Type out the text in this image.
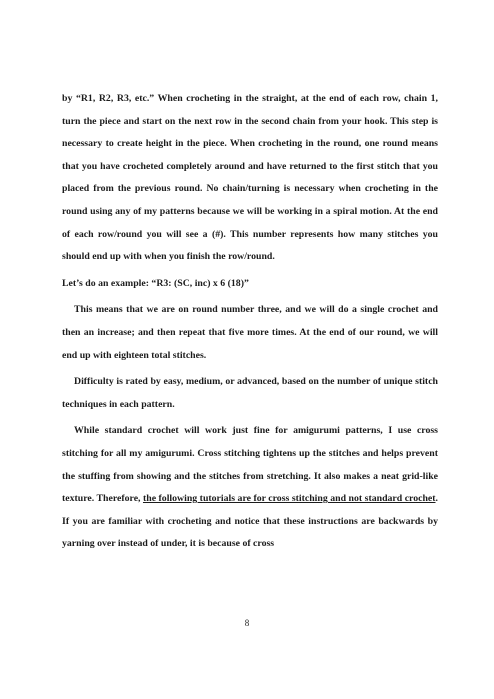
by “R1, R2, R3, etc.” When crocheting in the straight, at the end of each row, chain 1, turn the piece and start on the next row in the second chain from your hook. This step is necessary to create height in the piece. When crocheting in the round, one round means that you have crocheted completely around and have returned to the first stitch that you placed from the previous round. No chain/turning is necessary when crocheting in the round using any of my patterns because we will be working in a spiral motion. At the end of each row/round you will see a (#). This number represents how many stitches you should end up with when you finish the row/round.

Let’s do an example: “R3: (SC, inc) x 6 (18)”

This means that we are on round number three, and we will do a single crochet and then an increase; and then repeat that five more times. At the end of our round, we will end up with eighteen total stitches.

Difficulty is rated by easy, medium, or advanced, based on the number of unique stitch techniques in each pattern.

While standard crochet will work just fine for amigurumi patterns, I use cross stitching for all my amigurumi. Cross stitching tightens up the stitches and helps prevent the stuffing from showing and the stitches from stretching. It also makes a neat grid-like texture. Therefore, the following tutorials are for cross stitching and not standard crochet. If you are familiar with crocheting and notice that these instructions are backwards by yarning over instead of under, it is because of cross

8
